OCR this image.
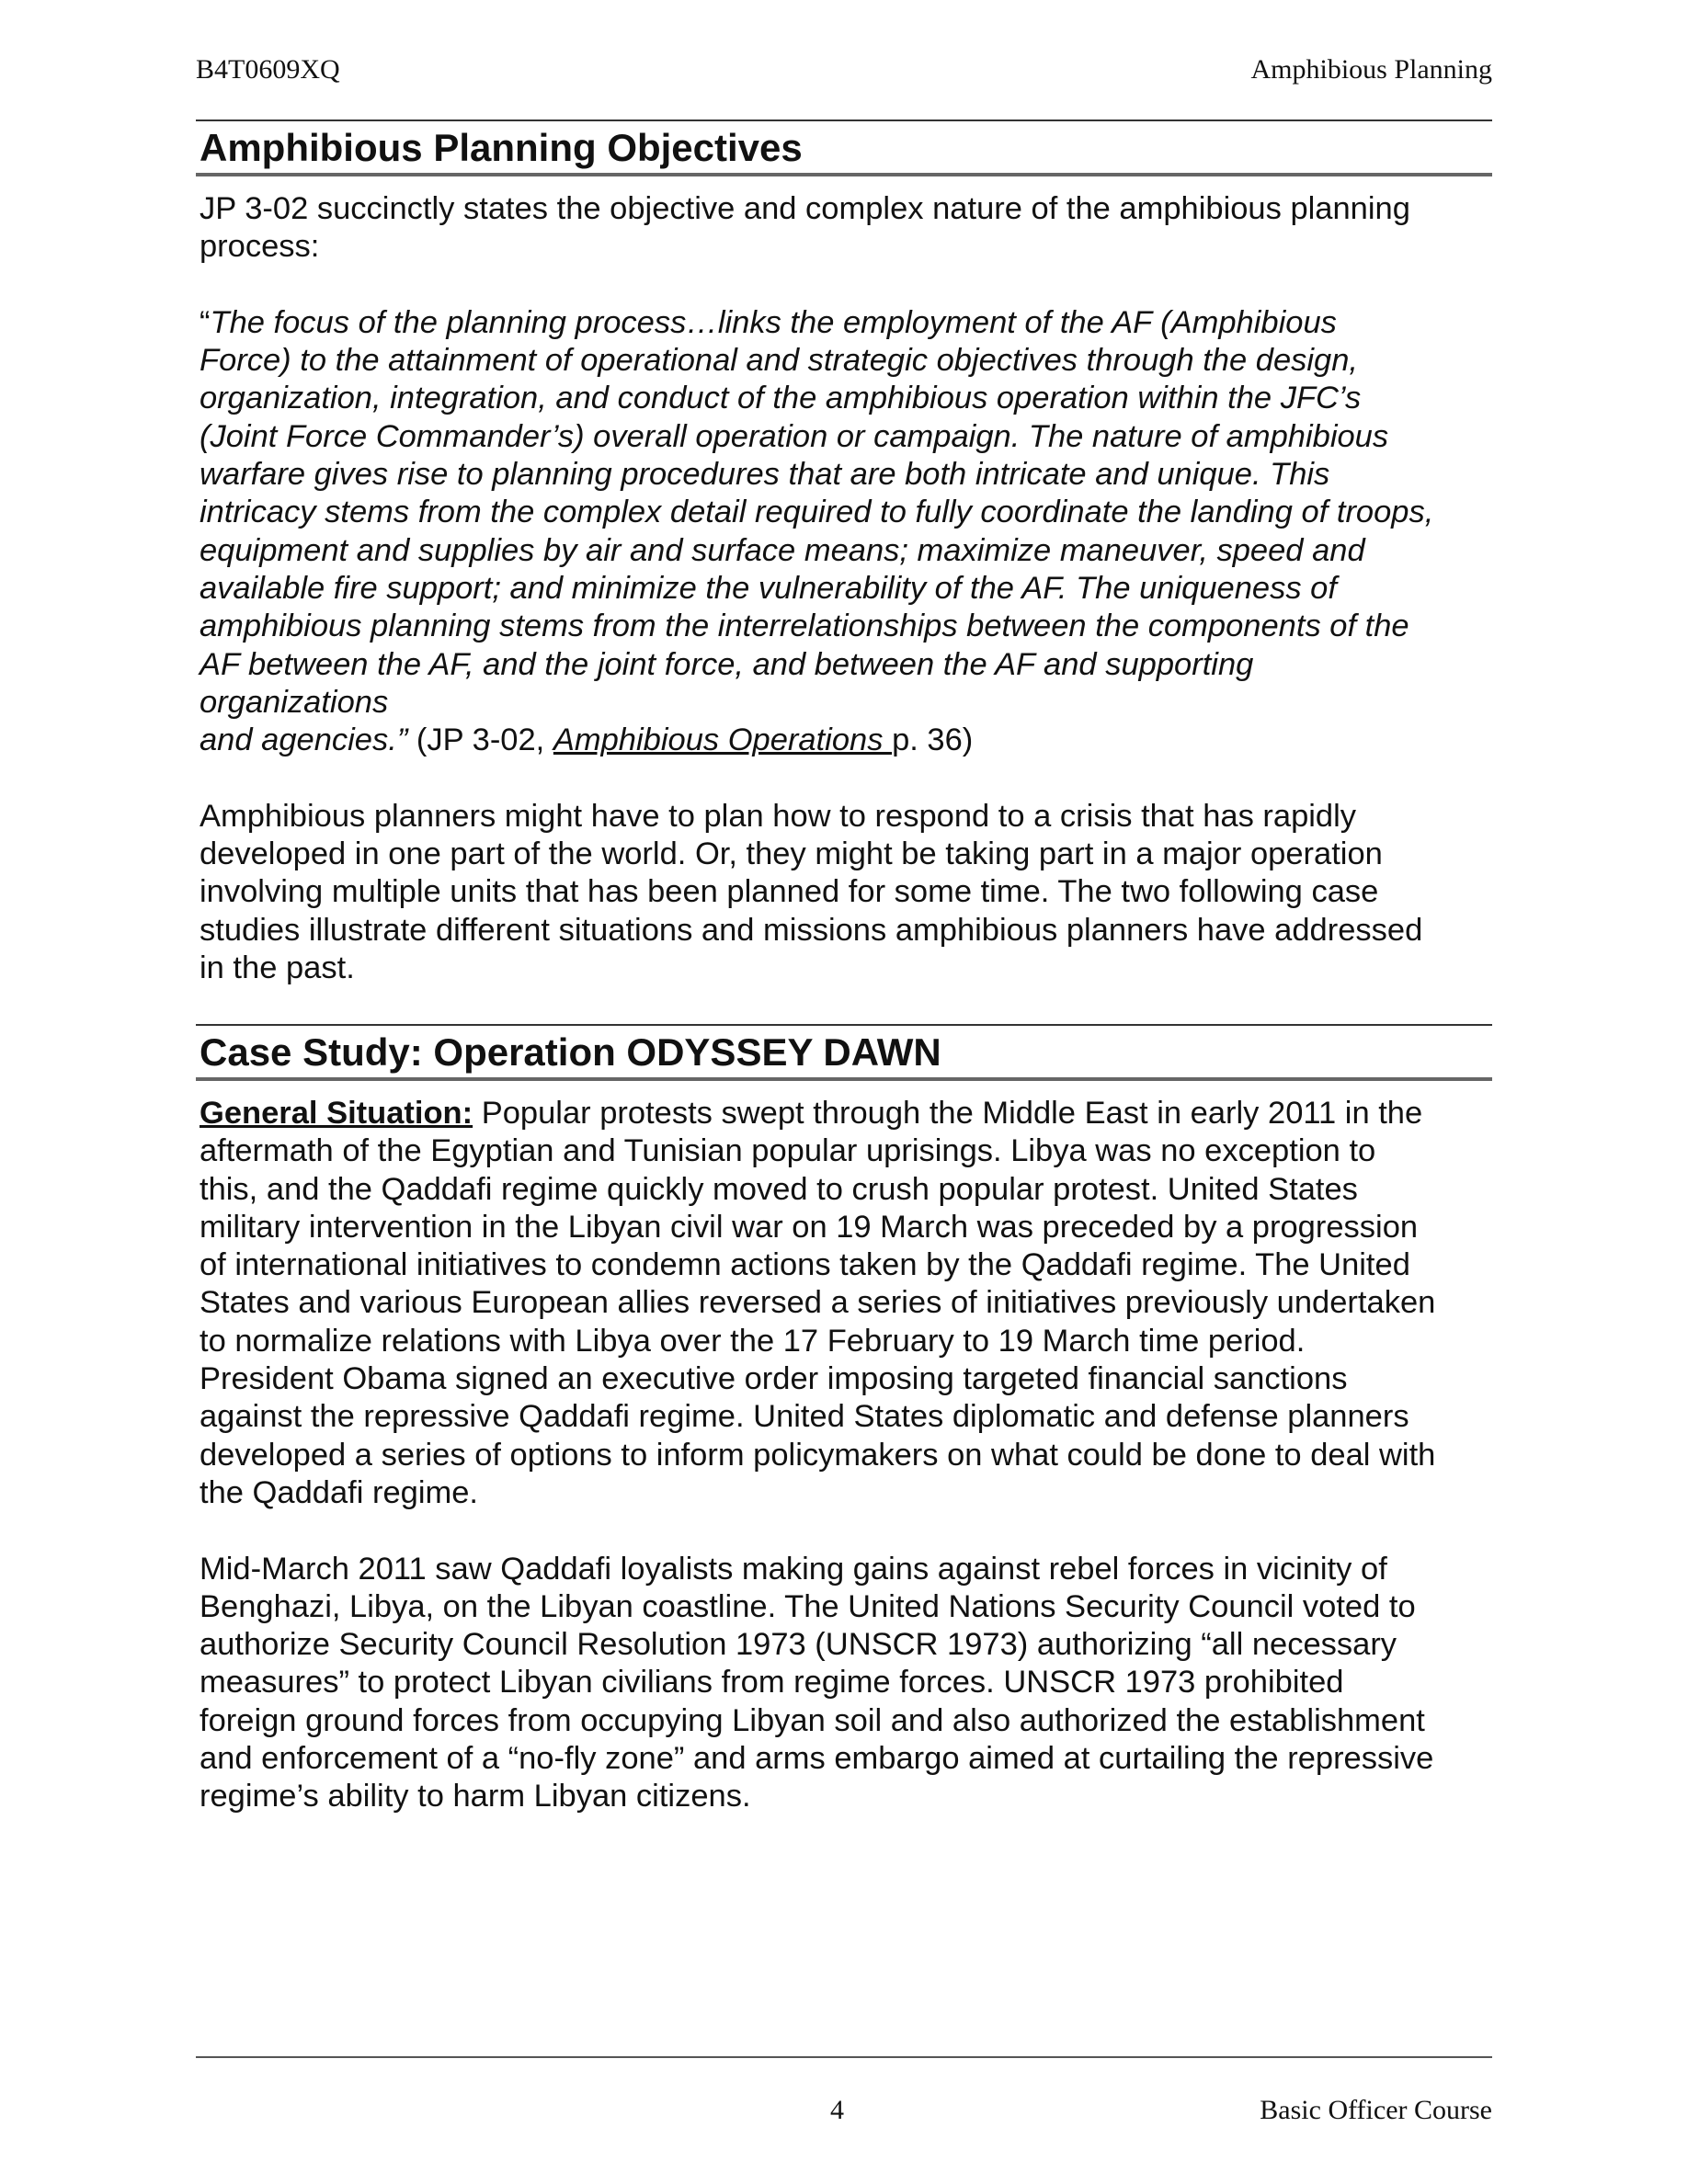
B4T0609XQ	Amphibious Planning
Amphibious Planning Objectives

JP 3-02 succinctly states the objective and complex nature of the amphibious planning

process:

“The focus of the planning process…links the employment of the AF (Amphibious

Force) to the attainment of operational and strategic objectives through the design,

organization, integration, and conduct of the amphibious operation within the JFC’s

(Joint Force Commander’s) overall operation or campaign. The nature of amphibious

warfare gives rise to planning procedures that are both intricate and unique. This

intricacy stems from the complex detail required to fully coordinate the landing of troops,

equipment and supplies by air and surface means; maximize maneuver, speed and

available fire support; and minimize the vulnerability of the AF. The uniqueness of

amphibious planning stems from the interrelationships between the components of the

AF between the AF, and the joint force, and between the AF and supporting

organizations

and agencies.” (JP 3-02, Amphibious Operations p. 36)

Amphibious planners might have to plan how to respond to a crisis that has rapidly

developed in one part of the world. Or, they might be taking part in a major operation

involving multiple units that has been planned for some time. The two following case

studies illustrate different situations and missions amphibious planners have addressed

in the past.

Case Study: Operation ODYSSEY DAWN

General Situation: Popular protests swept through the Middle East in early 2011 in the

aftermath of the Egyptian and Tunisian popular uprisings. Libya was no exception to

this, and the Qaddafi regime quickly moved to crush popular protest. United States

military intervention in the Libyan civil war on 19 March was preceded by a progression

of international initiatives to condemn actions taken by the Qaddafi regime. The United

States and various European allies reversed a series of initiatives previously undertaken

to normalize relations with Libya over the 17 February to 19 March time period.

President Obama signed an executive order imposing targeted financial sanctions

against the repressive Qaddafi regime. United States diplomatic and defense planners

developed a series of options to inform policymakers on what could be done to deal with

the Qaddafi regime.

Mid-March 2011 saw Qaddafi loyalists making gains against rebel forces in vicinity of

Benghazi, Libya, on the Libyan coastline. The United Nations Security Council voted to

authorize Security Council Resolution 1973 (UNSCR 1973) authorizing “all necessary

measures” to protect Libyan civilians from regime forces. UNSCR 1973 prohibited

foreign ground forces from occupying Libyan soil and also authorized the establishment

and enforcement of a “no-fly zone” and arms embargo aimed at curtailing the repressive

regime’s ability to harm Libyan citizens.

4	Basic Officer Course
